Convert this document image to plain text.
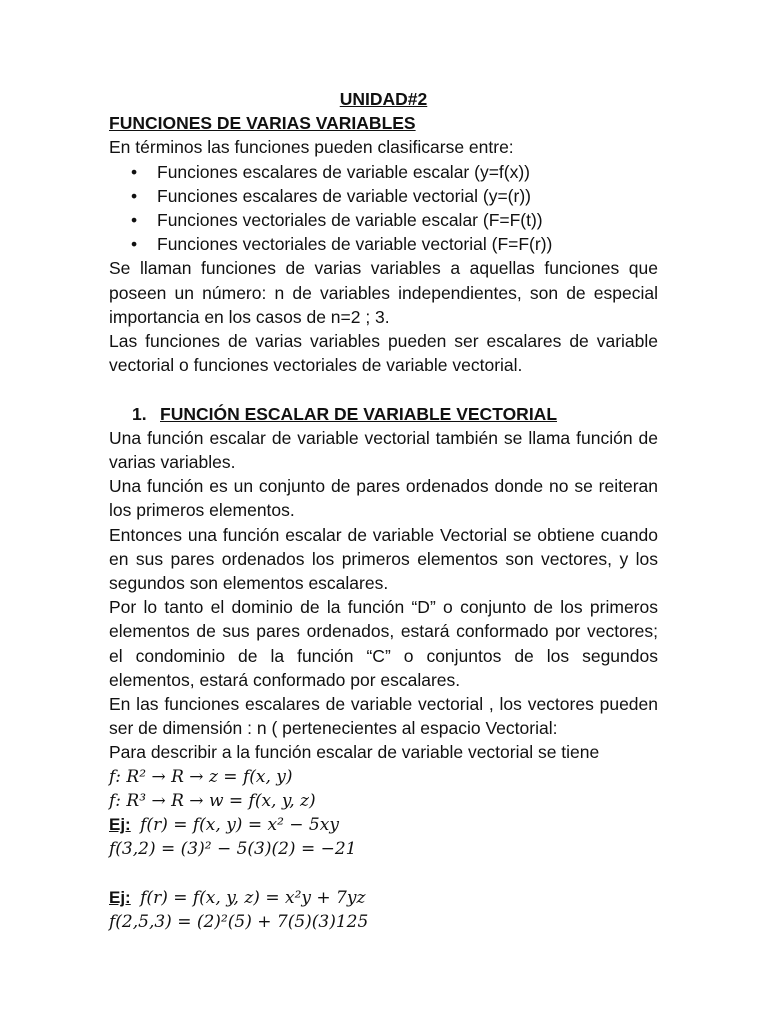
UNIDAD#2
FUNCIONES DE VARIAS VARIABLES
En términos las funciones pueden clasificarse entre:
• Funciones escalares de variable escalar (y=f(x))
• Funciones escalares de variable vectorial (y=(r))
• Funciones vectoriales de variable escalar (F=F(t))
• Funciones vectoriales de variable vectorial (F=F(r))

Se llaman funciones de varias variables a aquellas funciones que poseen un número: n de variables independientes, son de especial importancia en los casos de n=2 ; 3.

Las funciones de varias variables pueden ser escalares de variable vectorial o funciones vectoriales de variable vectorial.

1. FUNCIÓN ESCALAR DE VARIABLE VECTORIAL

Una función escalar de variable vectorial también se llama función de varias variables.

Una función es un conjunto de pares ordenados donde no se reiteran los primeros elementos.

Entonces una función escalar de variable Vectorial se obtiene cuando en sus pares ordenados los primeros elementos son vectores, y los segundos son elementos escalares.

Por lo tanto el dominio de la función “D” o conjunto de los primeros elementos de sus pares ordenados, estará conformado por vectores; el condominio de la función “C” o conjuntos de los segundos elementos, estará conformado por escalares.

En las funciones escalares de variable vectorial , los vectores pueden ser de dimensión : n ( pertenecientes al espacio Vectorial:

Para describir a la función escalar de variable vectorial se tiene

f: R² → R → z = f(x, y)
f: R³ → R → w = f(x, y, z)
Ej: f(r) = f(x, y) = x² − 5xy
f(3,2) = (3)² − 5(3)(2) = −21
Ej: f(r) = f(x, y, z) = x²y + 7yz
f(2,5,3) = (2)²(5) + 7(5)(3)125
